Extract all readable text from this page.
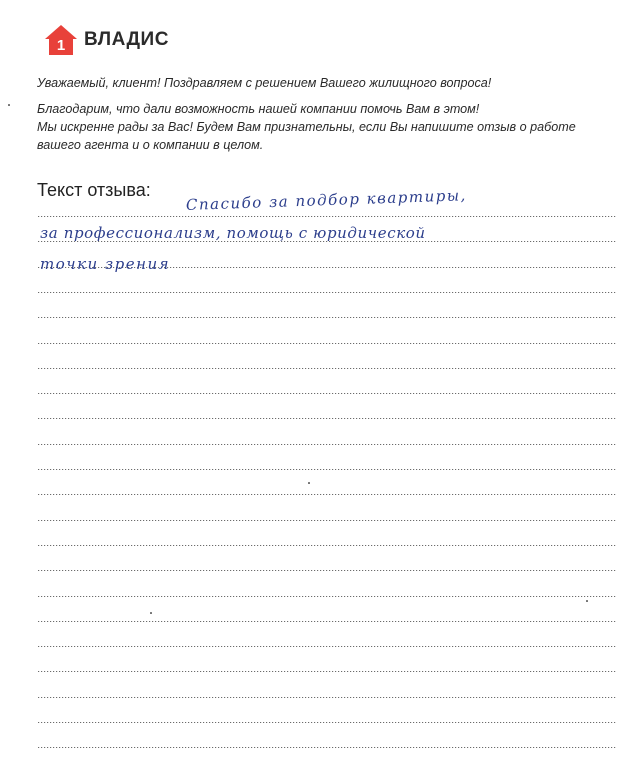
1 ВЛАДИС
Уважаемый, клиент! Поздравляем с решением Вашего жилищного вопроса!
Благодарим, что дали возможность нашей компании помочь Вам в этом!
Мы искренне рады за Вас! Будем Вам признательны, если Вы напишите отзыв о работе
вашего агента и о компании в целом.
Текст отзыва: Спасибо за подбор квартиры,
за профессионализм, помощь с юридической
точки зрения
